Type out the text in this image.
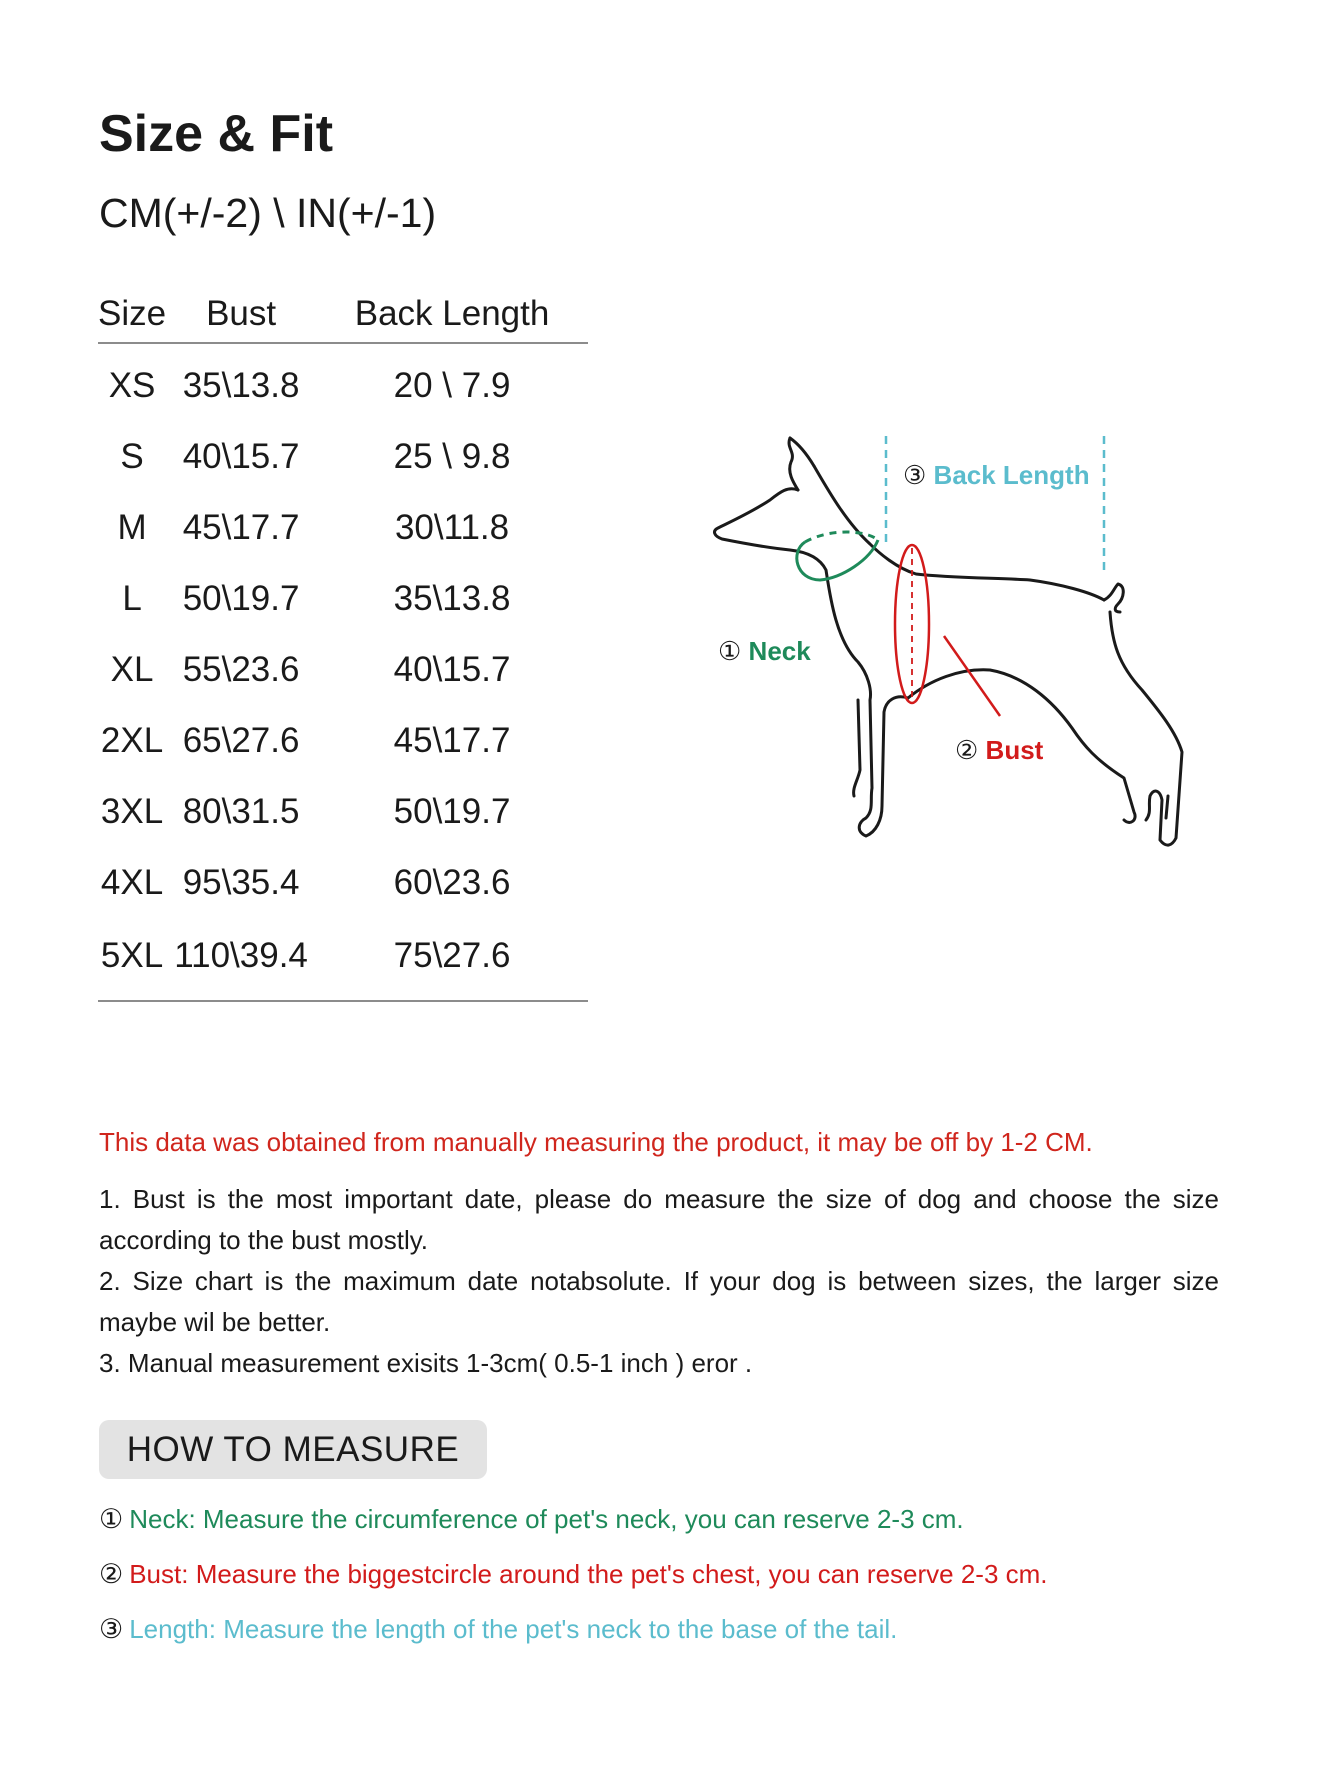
Size & Fit

CM(+/-2) \ IN(+/-1)

Size	Bust	Back Length
XS	35\13.8	20 \ 7.9
S	40\15.7	25 \ 9.8
M	45\17.7	30\11.8
L	50\19.7	35\13.8
XL	55\23.6	40\15.7
2XL	65\27.6	45\17.7
3XL	80\31.5	50\19.7
4XL	95\35.4	60\23.6
5XL	110\39.4	75\27.6
① Neck
③ Back Length
② Bust

This data was obtained from manually measuring the product, it may be off by 1-2 CM.

1. Bust is the most important date, please do measure the size of dog and choose the size according to the bust mostly.

2. Size chart is the maximum date notabsolute. If your dog is between sizes, the larger size maybe wil be better.

3. Manual measurement exisits 1-3cm( 0.5-1 inch ) eror .

HOW TO MEASURE
① Neck: Measure the circumference of pet's neck, you can reserve 2-3 cm.
② Bust: Measure the biggestcircle around the pet's chest, you can reserve 2-3 cm.
③ Length: Measure the length of the pet's neck to the base of the tail.
